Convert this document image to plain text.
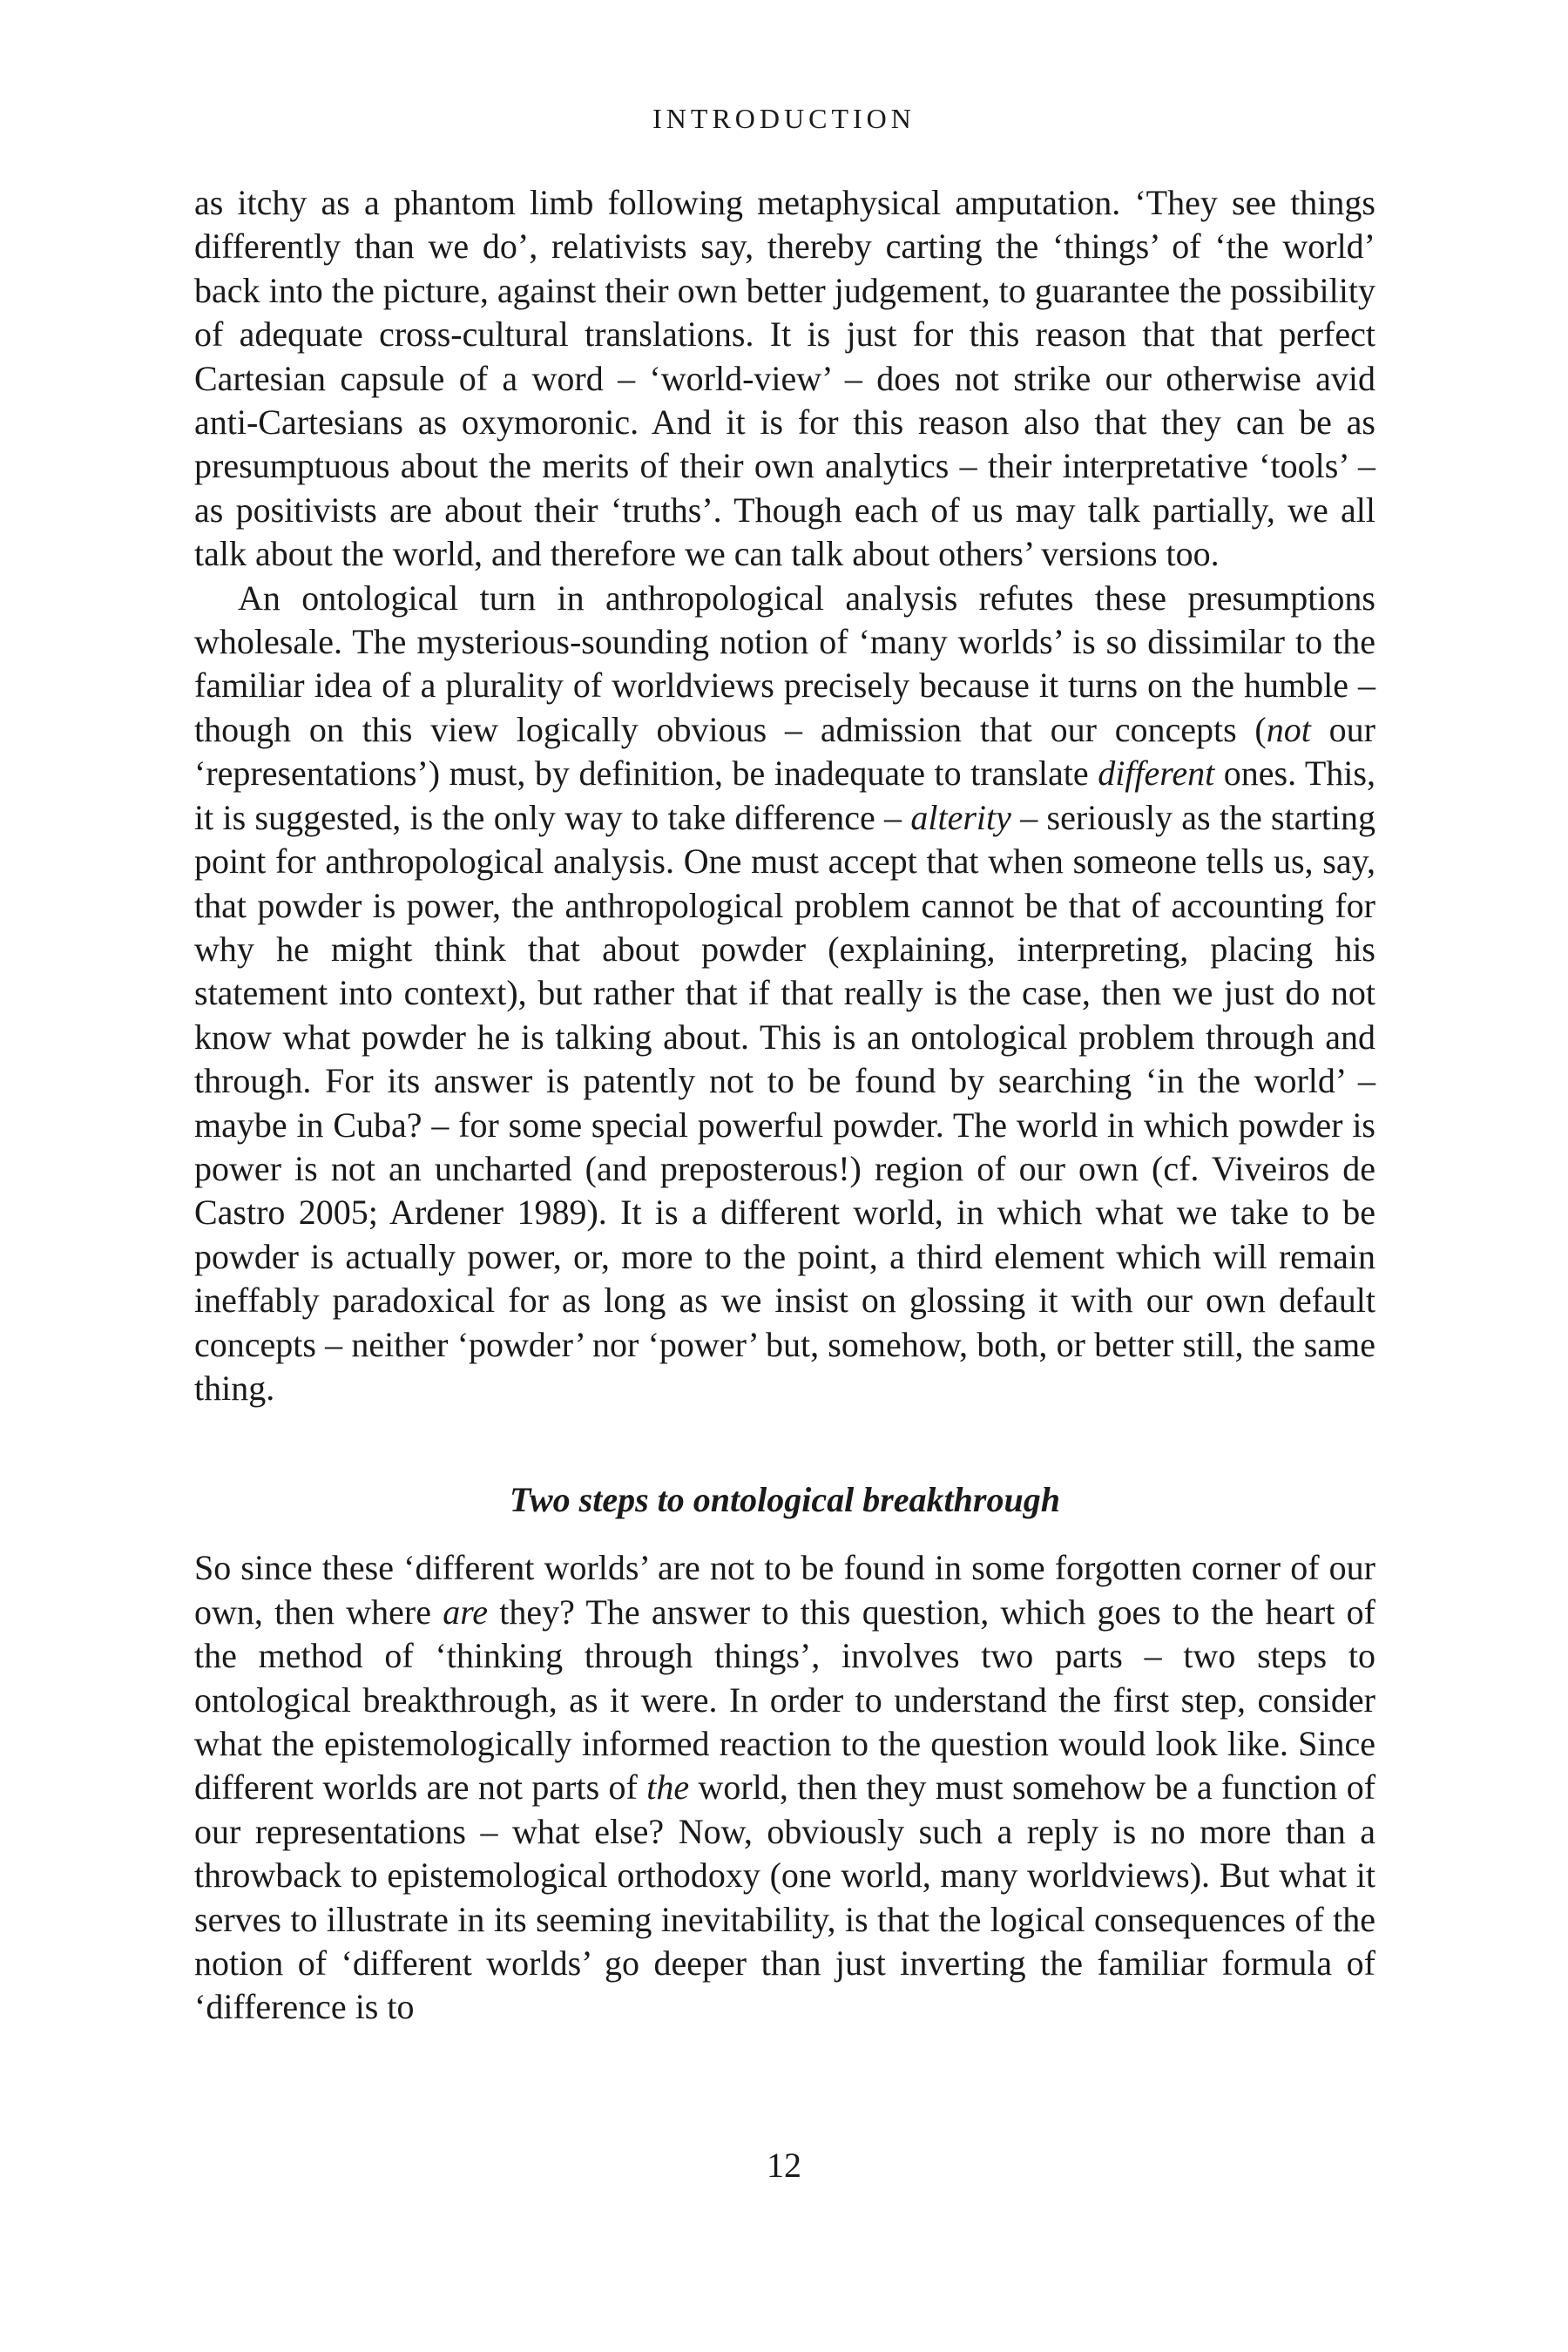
INTRODUCTION

as itchy as a phantom limb following metaphysical amputation. ‘They see things differently than we do’, relativists say, thereby carting the ‘things’ of ‘the world’ back into the picture, against their own better judgement, to guarantee the possibility of adequate cross-cultural translations. It is just for this reason that that perfect Cartesian capsule of a word – ‘world-view’ – does not strike our otherwise avid anti-Cartesians as oxymoronic. And it is for this reason also that they can be as presumptuous about the merits of their own analytics – their interpretative ‘tools’ – as positivists are about their ‘truths’. Though each of us may talk partially, we all talk about the world, and therefore we can talk about others’ versions too.

An ontological turn in anthropological analysis refutes these presumptions wholesale. The mysterious-sounding notion of ‘many worlds’ is so dissimilar to the familiar idea of a plurality of worldviews precisely because it turns on the humble – though on this view logically obvious – admission that our concepts (not our ‘representations’) must, by definition, be inadequate to translate different ones. This, it is suggested, is the only way to take difference – alterity – seriously as the starting point for anthropological analysis. One must accept that when someone tells us, say, that powder is power, the anthropological problem cannot be that of accounting for why he might think that about powder (explaining, interpreting, placing his statement into context), but rather that if that really is the case, then we just do not know what powder he is talking about. This is an ontological problem through and through. For its answer is patently not to be found by searching ‘in the world’ – maybe in Cuba? – for some special powerful powder. The world in which powder is power is not an uncharted (and preposterous!) region of our own (cf. Viveiros de Castro 2005; Ardener 1989). It is a different world, in which what we take to be powder is actually power, or, more to the point, a third element which will remain ineffably paradoxical for as long as we insist on glossing it with our own default concepts – neither ‘powder’ nor ‘power’ but, somehow, both, or better still, the same thing.

Two steps to ontological breakthrough

So since these ‘different worlds’ are not to be found in some forgotten corner of our own, then where are they? The answer to this question, which goes to the heart of the method of ‘thinking through things’, involves two parts – two steps to ontological breakthrough, as it were. In order to understand the first step, consider what the epistemologically informed reaction to the question would look like. Since different worlds are not parts of the world, then they must somehow be a function of our representations – what else? Now, obviously such a reply is no more than a throwback to epistemological orthodoxy (one world, many worldviews). But what it serves to illustrate in its seeming inevitability, is that the logical consequences of the notion of ‘different worlds’ go deeper than just inverting the familiar formula of ‘difference is to

12
